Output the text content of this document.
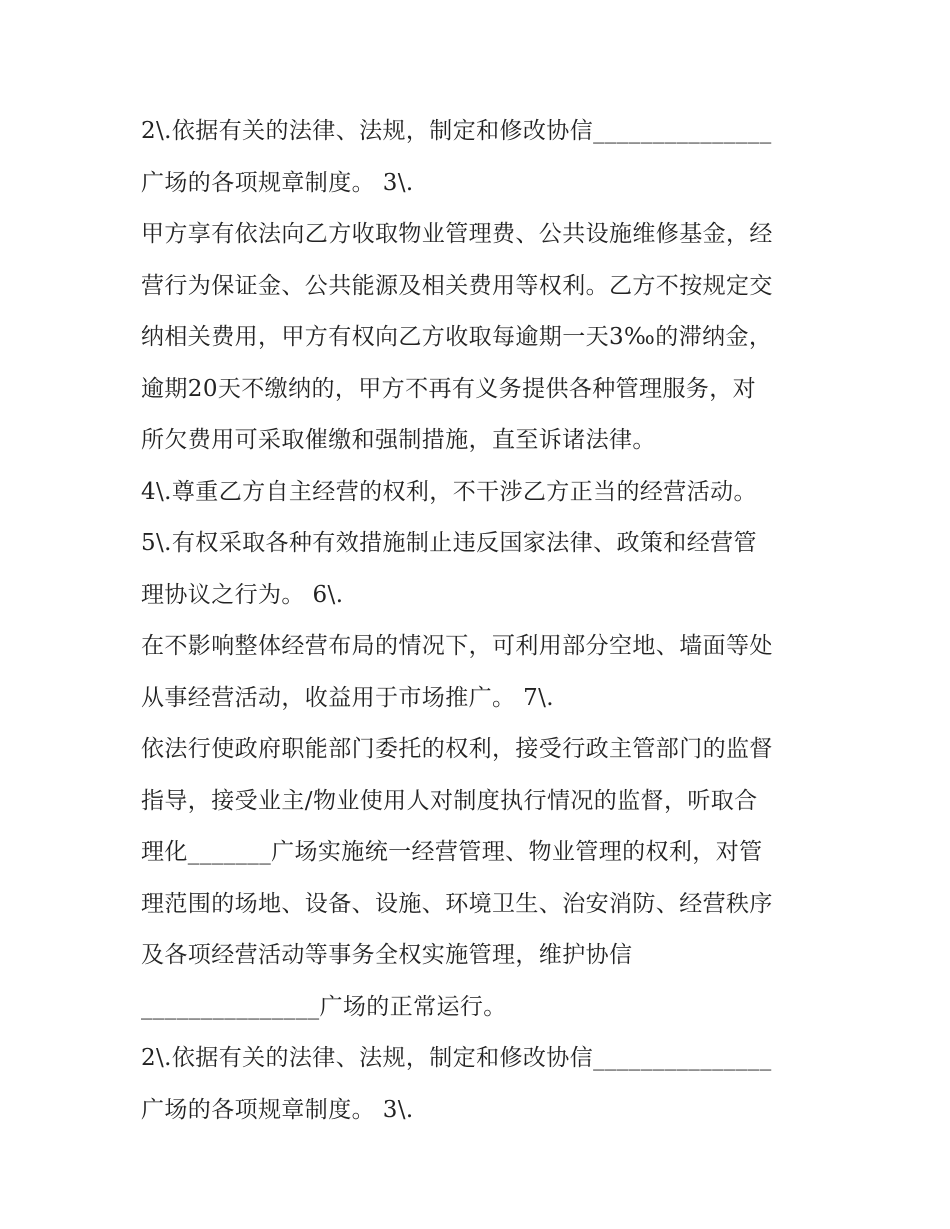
2\.依据有关的法律、法规，制定和修改协信_______________
广场的各项规章制度。 3\.
甲方享有依法向乙方收取物业管理费、公共设施维修基金，经
营行为保证金、公共能源及相关费用等权利。乙方不按规定交
纳相关费用，甲方有权向乙方收取每逾期一天3‰的滞纳金，
逾期20天不缴纳的，甲方不再有义务提供各种管理服务，对
所欠费用可采取催缴和强制措施，直至诉诸法律。
4\.尊重乙方自主经营的权利，不干涉乙方正当的经营活动。
5\.有权采取各种有效措施制止违反国家法律、政策和经营管
理协议之行为。 6\.
在不影响整体经营布局的情况下，可利用部分空地、墙面等处
从事经营活动，收益用于市场推广。 7\.
依法行使政府职能部门委托的权利，接受行政主管部门的监督
指导，接受业主/物业使用人对制度执行情况的监督，听取合
理化_______广场实施统一经营管理、物业管理的权利，对管
理范围的场地、设备、设施、环境卫生、治安消防、经营秩序
及各项经营活动等事务全权实施管理，维护协信
_______________广场的正常运行。
2\.依据有关的法律、法规，制定和修改协信_______________
广场的各项规章制度。 3\.
